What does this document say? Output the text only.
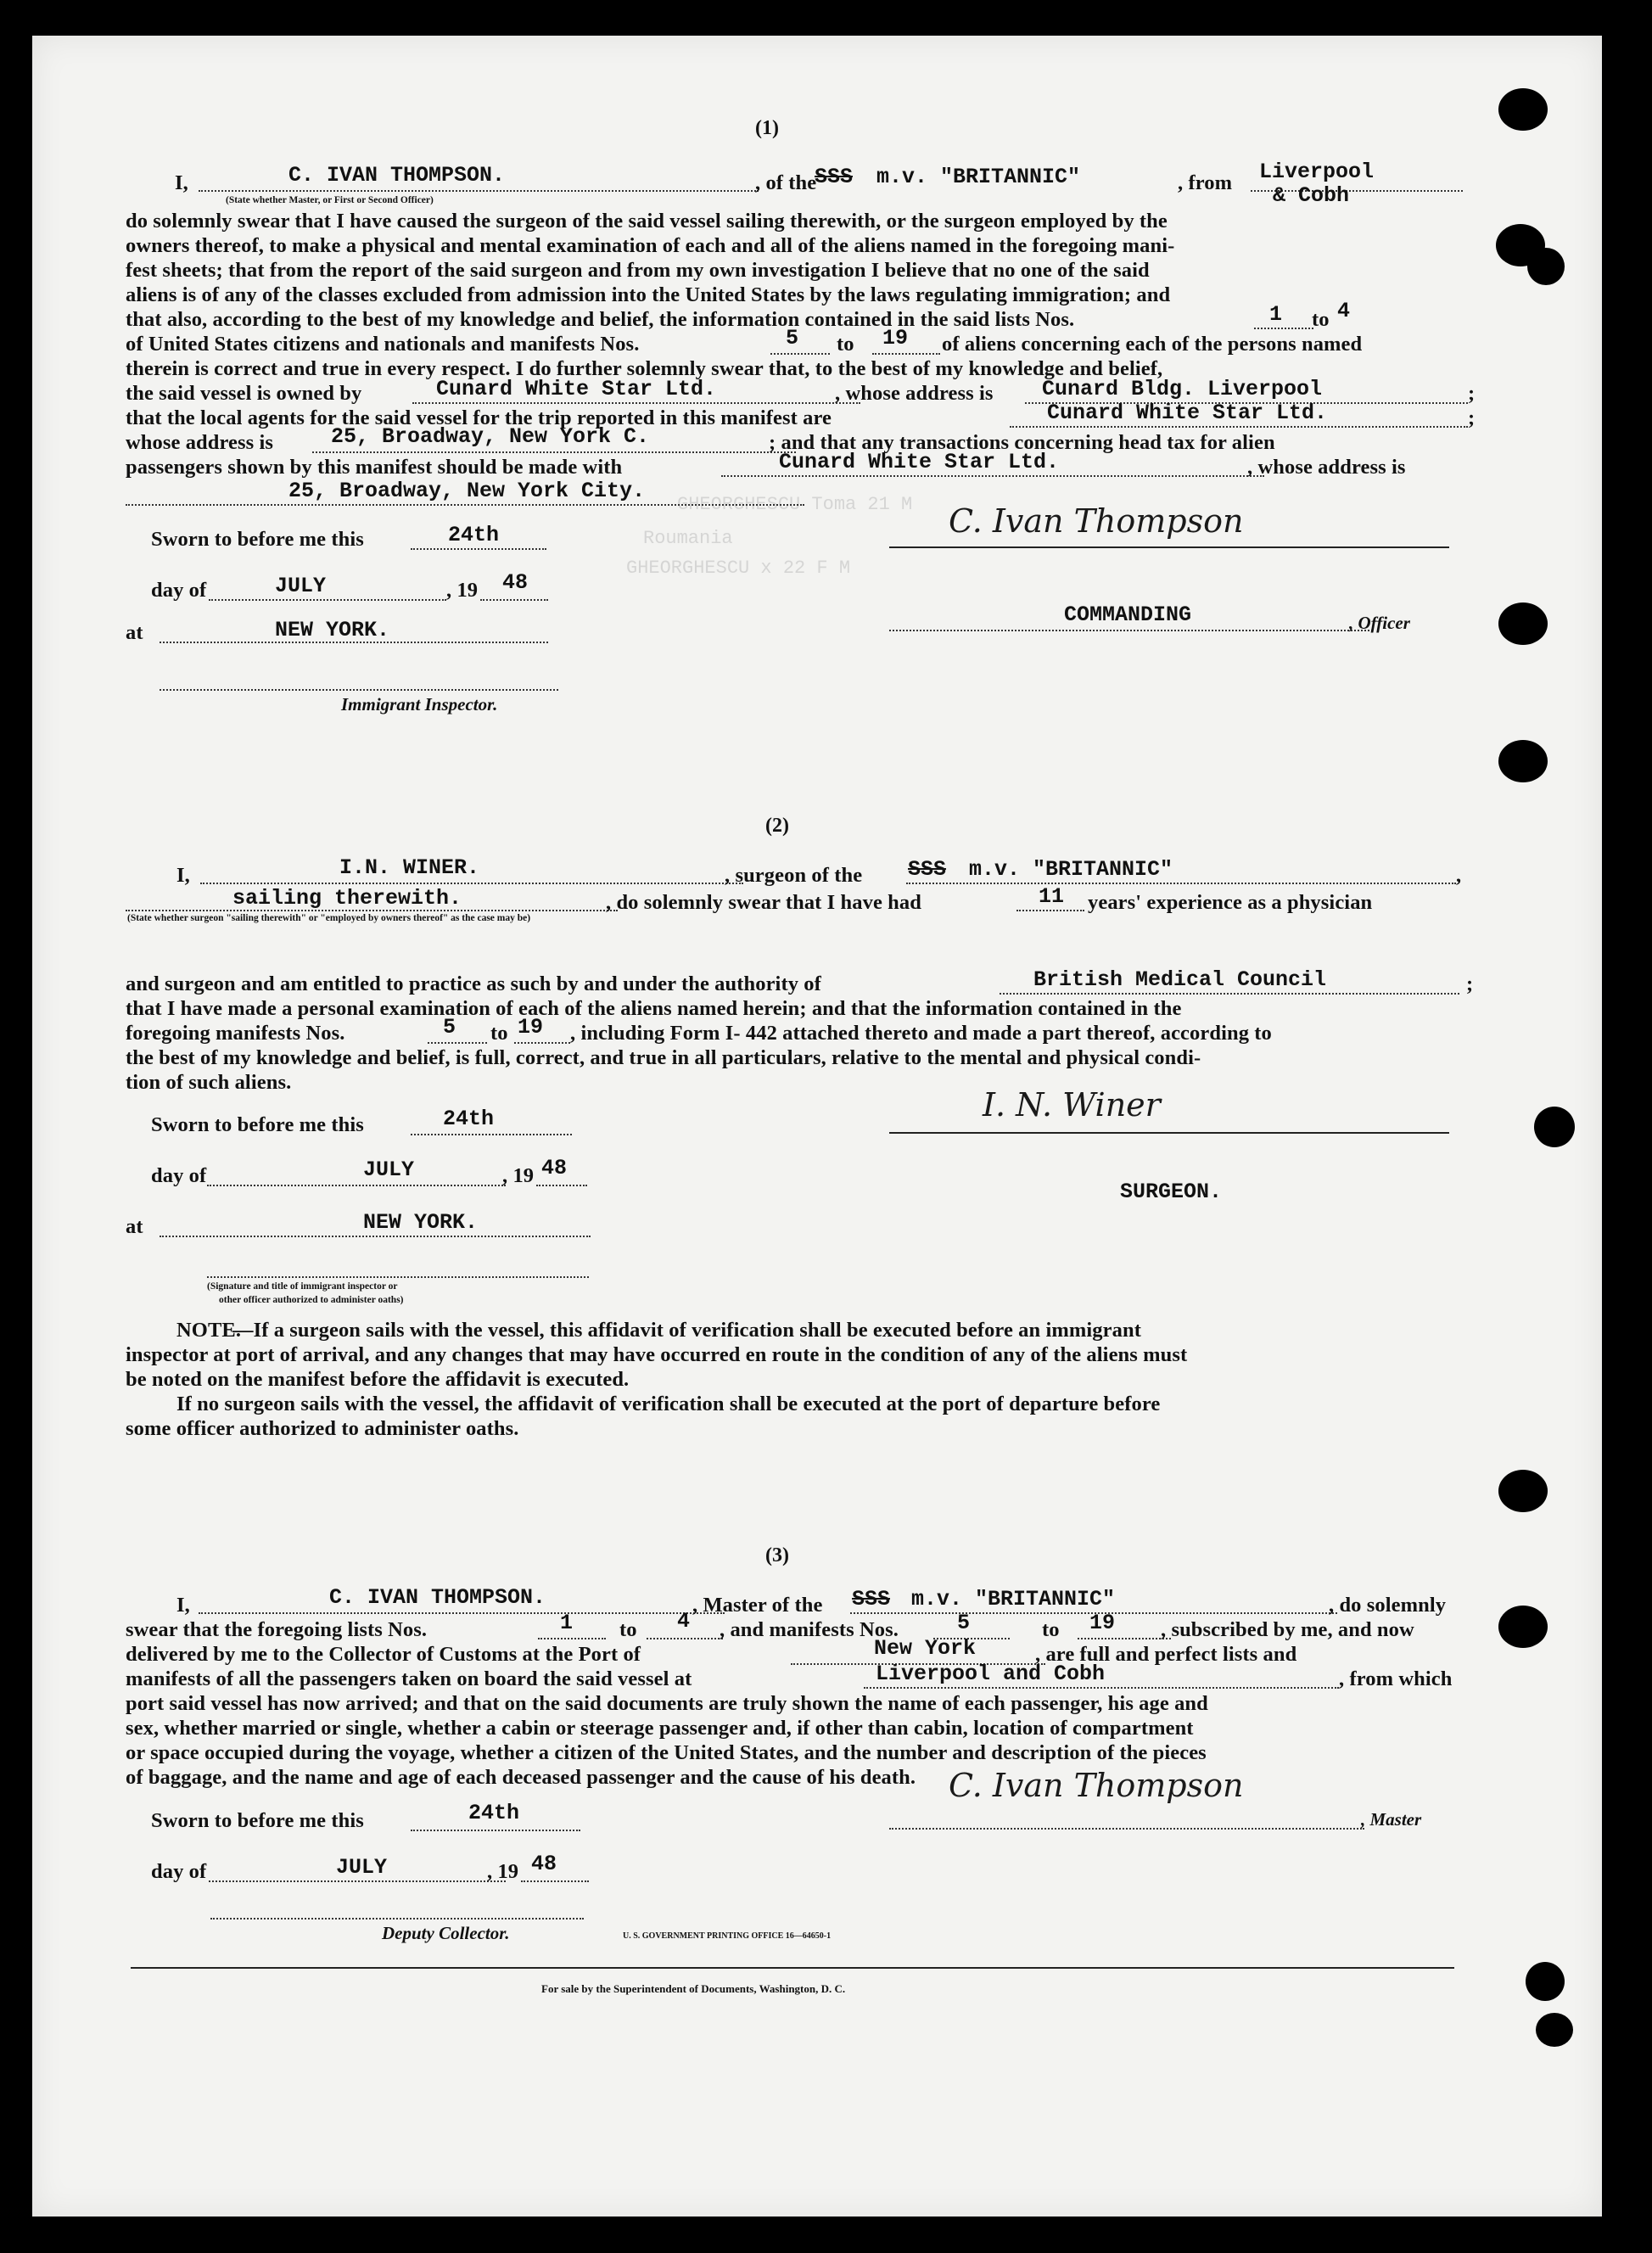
GHEORGHESCU Toma 21 M
Roumania
GHEORGHESCU x 22 F M
(1)
I,	C. IVAN THOMPSON.
(State whether Master, or First or Second Officer)
, of the
SSS m.v. "BRITANNIC"	, from Liverpool
& Cobh
do solemnly swear that I have caused the surgeon of the said vessel sailing therewith, or the surgeon employed by the
owners thereof, to make a physical and mental examination of each and all of the aliens named in the foregoing mani-
fest sheets; that from the report of the said surgeon and from my own investigation I believe that no one of the said
aliens is of any of the classes excluded from admission into the United States by the laws regulating immigration; and
that also, according to the best of my knowledge and belief, the information contained in the said lists Nos.	1 to 4
of United States citizens and nationals and manifests Nos.	5 to 19 of aliens concerning each of the persons named
therein is correct and true in every respect. I do further solemnly swear that, to the best of my knowledge and belief,
the said vessel is owned by	Cunard White Star Ltd.	, whose address is Cunard Bldg. Liverpool	;
that the local agents for the said vessel for the trip reported in this manifest are	Cunard White Star Ltd.	;
whose address is	25, Broadway, New York C.	; and that any transactions concerning head tax for alien
passengers shown by this manifest should be made with	Cunard White Star Ltd.	, whose address is
25, Broadway, New York City.
Sworn to before me this	24th	C. Ivan Thompson
day of	JULY	, 19 48
COMMANDING	, Officer
at	NEW YORK.
Immigrant Inspector.
(2)
I,	I.N. WINER.	, surgeon of the SSS m.v. "BRITANNIC"	,
sailing therewith.	, do solemnly swear that I have had	11 years' experience as a physician
(State whether surgeon "sailing therewith" or "employed by owners thereof" as the case may be)
and surgeon and am entitled to practice as such by and under the authority of	British Medical Council	;
that I have made a personal examination of each of the aliens named herein; and that the information contained in the
foregoing manifests Nos.	5 to 19 , including Form I- 442 attached thereto and made a part thereof, according to
the best of my knowledge and belief, is full, correct, and true in all particulars, relative to the mental and physical condi-
tion of such aliens.
Sworn to before me this	24th	I. N. Winer
day of	JULY	, 19 48
SURGEON.
at	NEW YORK.
(Signature and title of immigrant inspector or
other officer authorized to administer oaths)
NOTE.
—If a surgeon sails with the vessel, this affidavit of verification shall be executed before an immigrant
inspector at port of arrival, and any changes that may have occurred en route in the condition of any of the aliens must
be noted on the manifest before the affidavit is executed.
If no surgeon sails with the vessel, the affidavit of verification shall be executed at the port of departure before
some officer authorized to administer oaths.
(3)
I,	C. IVAN THOMPSON.	, Master of the SSS m.v. "BRITANNIC"	, do solemnly
swear that the foregoing lists Nos.	1 to 4 , and manifests Nos.	5	to 19 , subscribed by me, and now
delivered by me to the Collector of Customs at the Port of	New York	, are full and perfect lists and
manifests of all the passengers taken on board the said vessel at	Liverpool and Cobh	, from which
port said vessel has now arrived; and that on the said documents are truly shown the name of each passenger, his age and
sex, whether married or single, whether a cabin or steerage passenger and, if other than cabin, location of compartment
or space occupied during the voyage, whether a citizen of the United States, and the number and description of the pieces
of baggage, and the name and age of each deceased passenger and the cause of his death.
Sworn to before me this	24th
C. Ivan Thompson
, Master
day of	JULY	, 19 48
Deputy Collector.	U. S. GOVERNMENT PRINTING OFFICE 16—64650-1
For sale by the Superintendent of Documents, Washington, D. C.
